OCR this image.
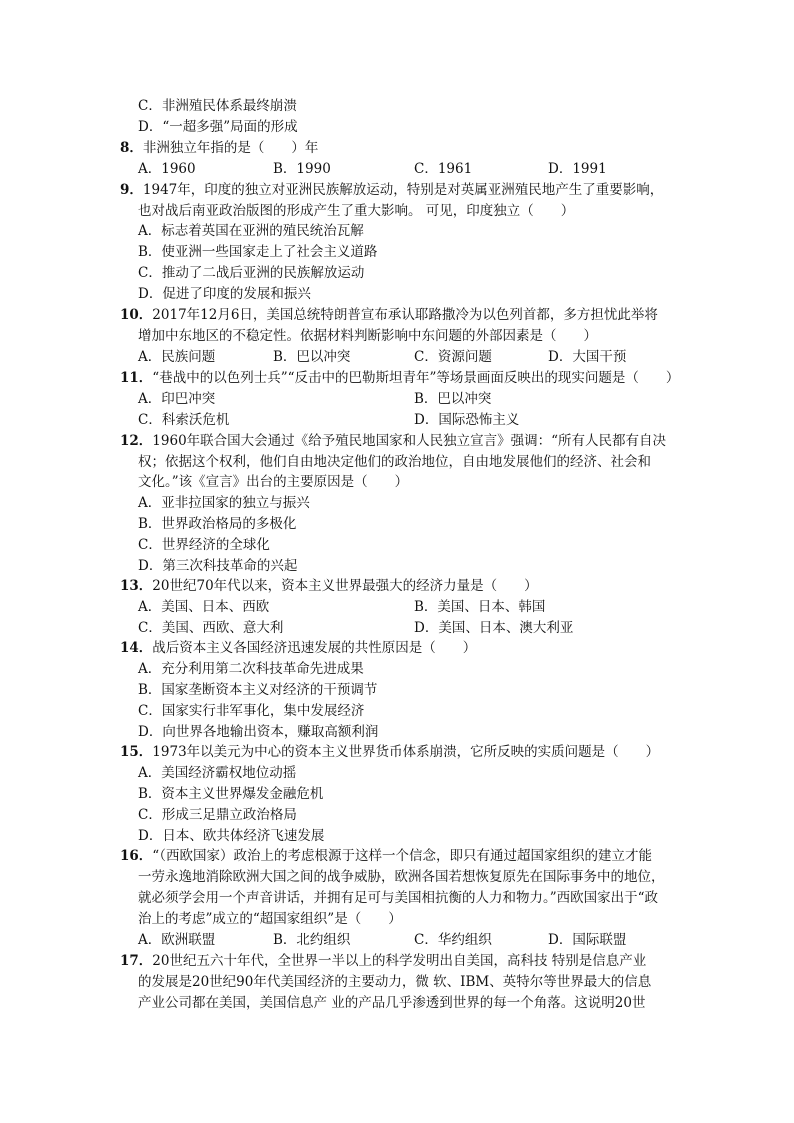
C．非洲殖民体系最终崩溃
D．“一超多强”局面的形成
8．非洲独立年指的是（　　）年
A．1960	B．1990	C．1961	D．1991
9．1947年，印度的独立对亚洲民族解放运动，特别是对英属亚洲殖民地产生了重要影响，
也对战后南亚政治版图的形成产生了重大影响。 可见，印度独立（　　）
A．标志着英国在亚洲的殖民统治瓦解
B．使亚洲一些国家走上了社会主义道路
C．推动了二战后亚洲的民族解放运动
D．促进了印度的发展和振兴
10．2017年12月6日，美国总统特朗普宣布承认耶路撒冷为以色列首都，多方担忧此举将
增加中东地区的不稳定性。依据材料判断影响中东问题的外部因素是（　　）
A．民族问题	B．巴以冲突	C．资源问题	D．大国干预
11．“巷战中的以色列士兵”“反击中的巴勒斯坦青年”等场景画面反映出的现实问题是（　　）
A．印巴冲突	B．巴以冲突
C．科索沃危机	D．国际恐怖主义
12．1960年联合国大会通过《给予殖民地国家和人民独立宣言》强调：“所有人民都有自决
权；依据这个权利，他们自由地决定他们的政治地位，自由地发展他们的经济、社会和
文化。”该《宣言》出台的主要原因是（　　）
A．亚非拉国家的独立与振兴
B．世界政治格局的多极化
C．世界经济的全球化
D．第三次科技革命的兴起
13．20世纪70年代以来，资本主义世界最强大的经济力量是（　　）
A．美国、日本、西欧	B．美国、日本、韩国
C．美国、西欧、意大利	D．美国、日本、澳大利亚
14．战后资本主义各国经济迅速发展的共性原因是（　　）
A．充分利用第二次科技革命先进成果
B．国家垄断资本主义对经济的干预调节
C．国家实行非军事化，集中发展经济
D．向世界各地输出资本，赚取高额利润
15．1973年以美元为中心的资本主义世界货币体系崩溃，它所反映的实质问题是（　　）
A．美国经济霸权地位动摇
B．资本主义世界爆发金融危机
C．形成三足鼎立政治格局
D．日本、欧共体经济飞速发展
16．“（西欧国家）政治上的考虑根源于这样一个信念，即只有通过超国家组织的建立才能
一劳永逸地消除欧洲大国之间的战争威胁，欧洲各国若想恢复原先在国际事务中的地位，
就必须学会用一个声音讲话，并拥有足可与美国相抗衡的人力和物力。”西欧国家出于“政
治上的考虑”成立的“超国家组织”是（　　）
A．欧洲联盟	B．北约组织	C．华约组织	D．国际联盟
17．20世纪五六十年代，全世界一半以上的科学发明出自美国，高科技 特别是信息产业
的发展是20世纪90年代美国经济的主要动力，微 软、IBM、英特尔等世界最大的信息
产业公司都在美国，美国信息产 业的产品几乎渗透到世界的每一个角落。这说明20世
